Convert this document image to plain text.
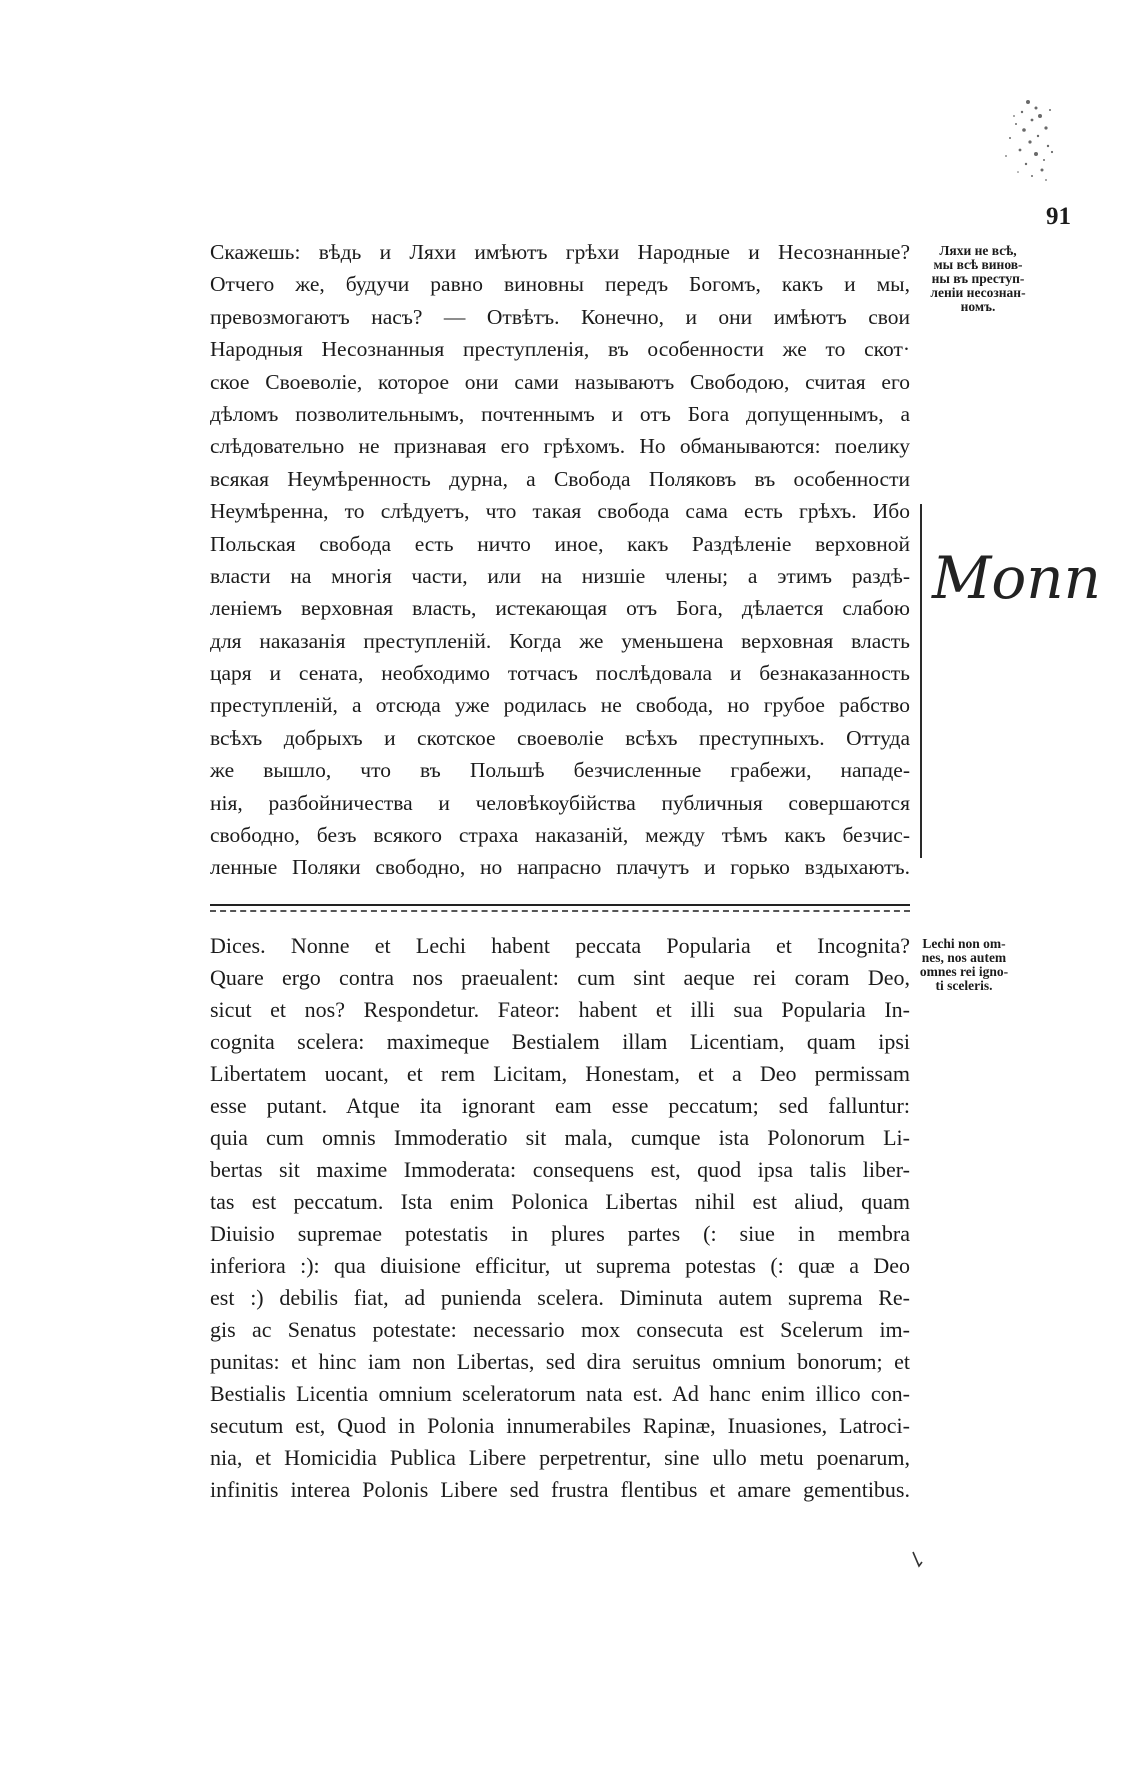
91
Скажешь: вѣдь и Ляхи имѣютъ грѣхи Народные и Несознанные?
Отчего же, будучи равно виновны передъ Богомъ, какъ и мы,
превозмогаютъ насъ? — Отвѣтъ. Конечно, и они имѣютъ свои
Народныя Несознанныя преступленія, въ особенности же то скот·
ское Своеволіе, которое они сами называютъ Свободою, считая его
дѣломъ позволительнымъ, почтеннымъ и отъ Бога допущеннымъ, а
слѣдовательно не признавая его грѣхомъ. Но обманываются: поелику
всякая Неумѣренность дурна, а Свобода Поляковъ въ особенности
Неумѣренна, то слѣдуетъ, что такая свобода сама есть грѣхъ. Ибо
Польская свобода есть ничто иное, какъ Раздѣленіе верховной
власти на многія части, или на низшіе члены; а этимъ раздѣ-
леніемъ верховная власть, истекающая отъ Бога, дѣлается слабою
для наказанія преступленій. Когда же уменьшена верховная власть
царя и сената, необходимо тотчасъ послѣдовала и безнаказанность
преступленій, а отсюда уже родилась не свобода, но грубое рабство
всѣхъ добрыхъ и скотское своеволіе всѣхъ преступныхъ. Оттуда
же вышло, что въ Польшѣ безчисленные грабежи, нападе-
нія, разбойничества и человѣкоубійства публичныя совершаются
свободно, безъ всякого страха наказаній, между тѣмъ какъ безчис-
ленные Поляки свободно, но напрасно плачутъ и горько вздыхаютъ.
Ляхи не всѣ,
мы всѣ винов-
ны въ преступ-
леніи несознан-
номъ.
Мопп
Dices. Nonne et Lechi habent peccata Popularia et Incognita?
Quare ergo contra nos praeualent: cum sint aeque rei coram Deo,
sicut et nos? Respondetur. Fateor: habent et illi sua Popularia In-
cognita scelera: maximeque Bestialem illam Licentiam, quam ipsi
Libertatem uocant, et rem Licitam, Honestam, et a Deo permissam
esse putant. Atque ita ignorant eam esse peccatum; sed falluntur:
quia cum omnis Immoderatio sit mala, cumque ista Polonorum Li-
bertas sit maxime Immoderata: consequens est, quod ipsa talis liber-
tas est peccatum. Ista enim Polonica Libertas nihil est aliud, quam
Diuisio supremae potestatis in plures partes (: siue in membra
inferiora :): qua diuisione efficitur, ut suprema potestas (: quæ a Deo
est :) debilis fiat, ad punienda scelera. Diminuta autem suprema Re-
gis ac Senatus potestate: necessario mox consecuta est Scelerum im-
punitas: et hinc iam non Libertas, sed dira seruitus omnium bonorum; et
Bestialis Licentia omnium sceleratorum nata est. Ad hanc enim illico con-
secutum est, Quod in Polonia innumerabiles Rapinæ, Inuasiones, Latroci-
nia, et Homicidia Publica Libere perpetrentur, sine ullo metu poenarum,
infinitis interea Polonis Libere sed frustra flentibus et amare gementibus.
Lechi non om-
nes, nos autem
omnes rei igno-
ti sceleris.
